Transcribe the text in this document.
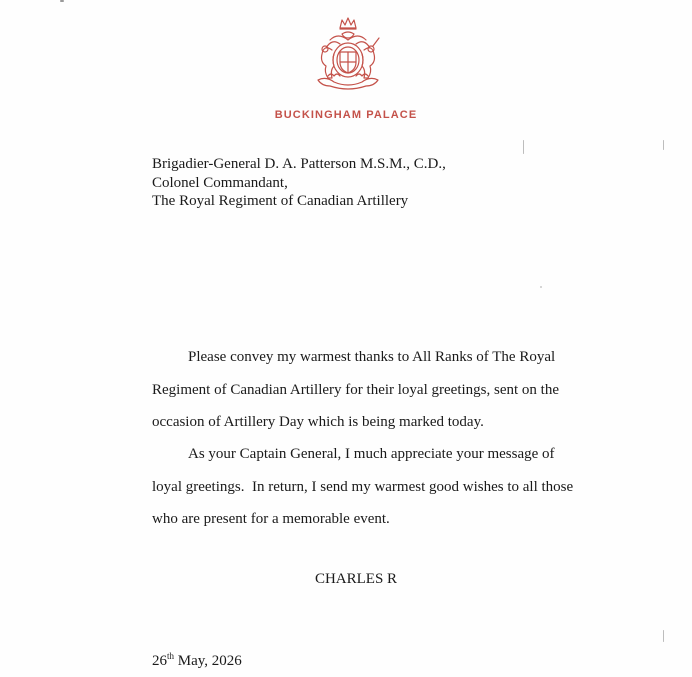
BUCKINGHAM PALACE
Brigadier-General D. A. Patterson M.S.M., C.D.,
Colonel Commandant,
The Royal Regiment of Canadian Artillery
Please convey my warmest thanks to All Ranks of The Royal
Regiment of Canadian Artillery for their loyal greetings, sent on the
occasion of Artillery Day which is being marked today.
As your Captain General, I much appreciate your message of
loyal greetings.  In return, I send my warmest good wishes to all those
who are present for a memorable event.
CHARLES R
26th May, 2026
